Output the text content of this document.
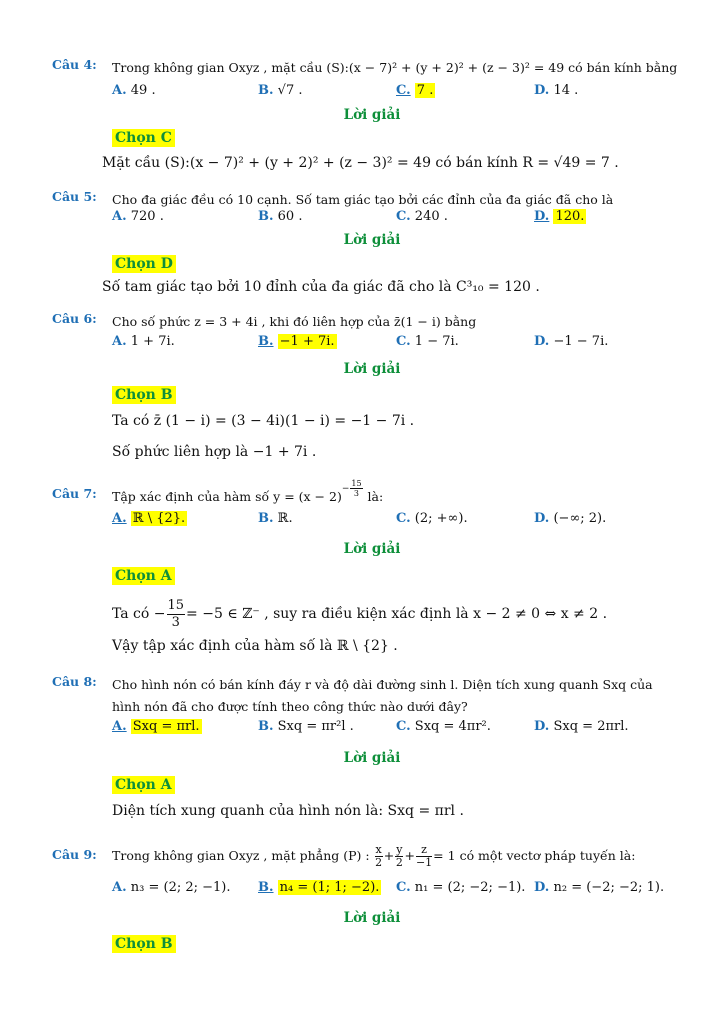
Câu 4: Trong không gian Oxyz , mặt cầu (S):(x − 7)² + (y + 2)² + (z − 3)² = 49 có bán kính bằng
A. 49 .	B. √7 .	C. 7 .	D. 14 .
Lời giải
Chọn C
Mặt cầu (S):(x − 7)² + (y + 2)² + (z − 3)² = 49 có bán kính R = √49 = 7 .
Câu 5: Cho đa giác đều có 10 cạnh. Số tam giác tạo bởi các đỉnh của đa giác đã cho là
A. 720 .	B. 60 .	C. 240 .	D. 120.
Lời giải
Chọn D
Số tam giác tạo bởi 10 đỉnh của đa giác đã cho là C³₁₀ = 120 .
Câu 6: Cho số phức z = 3 + 4i , khi đó liên hợp của z̄(1 − i) bằng
A. 1 + 7i.	B. −1 + 7i.	C. 1 − 7i.	D. −1 − 7i.
Lời giải
Chọn B
Ta có z̄ (1 − i) = (3 − 4i)(1 − i) = −1 − 7i .
Số phức liên hợp là −1 + 7i .
Câu 7: Tập xác định của hàm số $y = (x - 2)^{- \frac{15}{3}}$ là:
A. ℝ \ {2}.	B. ℝ.	C. (2; +∞).	D. (−∞; 2).
Lời giải
Chọn A
Ta có − $\frac{15}{3} = -5$ ∈ ℤ⁻ , suy ra điều kiện xác định là x − 2 ≠ 0 ⇔ x ≠ 2 .
Vậy tập xác định của hàm số là ℝ \ {2} .
Câu 8: Cho hình nón có bán kính đáy r và độ dài đường sinh l. Diện tích xung quanh Sxq của hình nón đã cho được tính theo công thức nào dưới đây?
A. Sxq = πrl.	B. Sxq = πr²l .	C. Sxq = 4πr².	D. Sxq = 2πrl.
Lời giải
Chọn A
Diện tích xung quanh của hình nón là: Sxq = πrl .
Câu 9: Trong không gian Oxyz , mặt phẳng (P) : $\frac{x}{2} + \frac{y}{2} + \frac{z}{-1} = 1$ có một vectơ pháp tuyến là:
A. n₃ = (2; 2; −1). B. n₄ = (1; 1; −2). C. n₁ = (2; −2; −1). D. n₂ = (−2; −2; 1).
Lời giải
Chọn B
